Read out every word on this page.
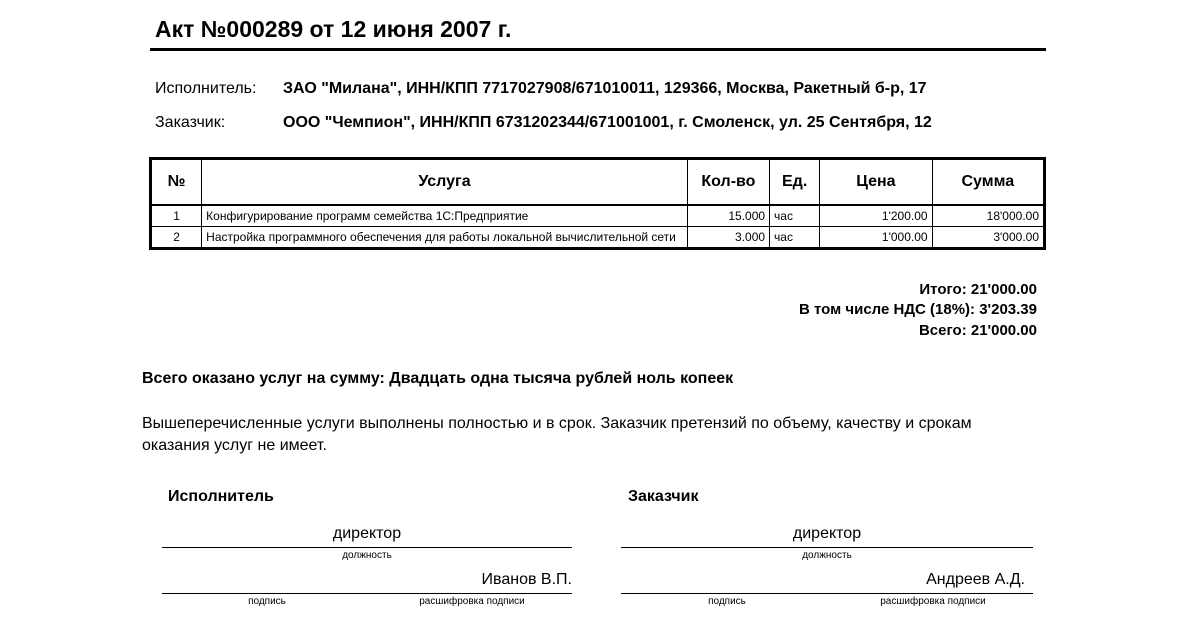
Акт №000289 от 12 июня 2007 г.
Исполнитель: ЗАО "Милана", ИНН/КПП 7717027908/671010011, 129366, Москва, Ракетный б-р, 17
Заказчик:	ООО "Чемпион", ИНН/КПП 6731202344/671001001, г. Смоленск, ул. 25 Сентября, 12
№	Услуга	Кол-во	Ед.	Цена	Сумма
1	Конфигурирование программ семейства 1С:Предприятие	15.000	час	1'200.00	18'000.00
2	Настройка программного обеспечения для работы локальной вычислительной сети	3.000	час	1'000.00	3'000.00
Итого: 21'000.00
В том числе НДС (18%): 3'203.39
Всего: 21'000.00
Всего оказано услуг на сумму: Двадцать одна тысяча рублей ноль копеек
Вышеперечисленные услуги выполнены полностью и в срок. Заказчик претензий по объему, качеству и срокам оказания услуг не имеет.
Исполнитель
директор
должность
Иванов В.П.
подпись	расшифровка подписи
Заказчик
директор
должность
Андреев А.Д.
подпись	расшифровка подписи
